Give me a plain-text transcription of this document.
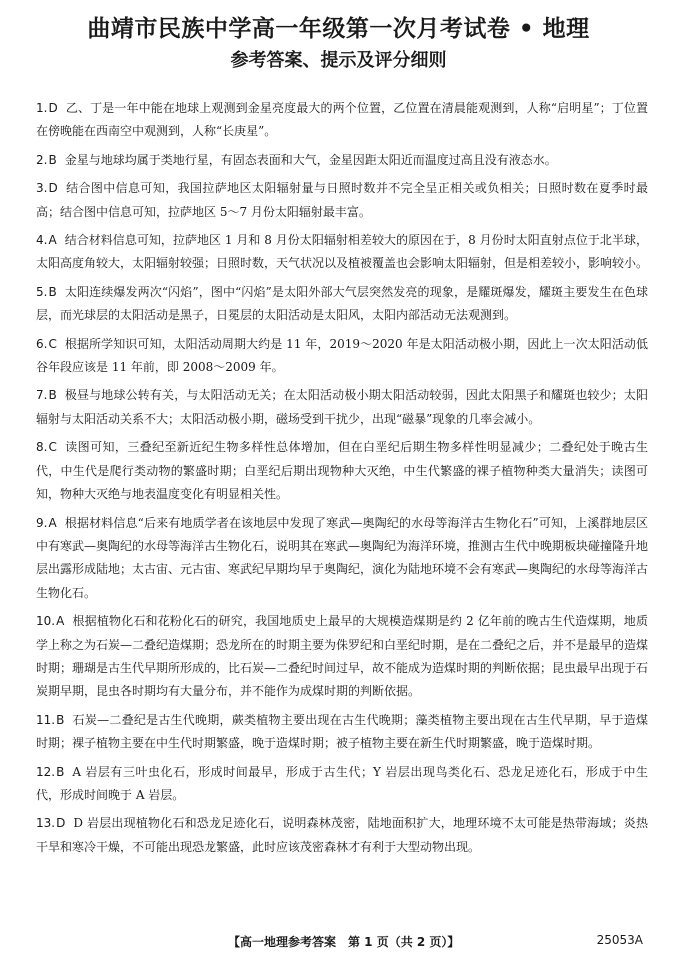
曲靖市民族中学高一年级第一次月考试卷 • 地理
参考答案、提示及评分细则
1.D 乙、丁是一年中能在地球上观测到金星亮度最大的两个位置，乙位置在清晨能观测到，人称“启明星”；丁位置在傍晚能在西南空中观测到，人称“长庚星”。
2.B 金星与地球均属于类地行星，有固态表面和大气，金星因距太阳近而温度过高且没有液态水。
3.D 结合图中信息可知，我国拉萨地区太阳辐射量与日照时数并不完全呈正相关或负相关；日照时数在夏季时最高；结合图中信息可知，拉萨地区 5～7 月份太阳辐射最丰富。
4.A 结合材料信息可知，拉萨地区 1 月和 8 月份太阳辐射相差较大的原因在于，8 月份时太阳直射点位于北半球，太阳高度角较大，太阳辐射较强；日照时数，天气状况以及植被覆盖也会影响太阳辐射，但是相差较小，影响较小。
5.B 太阳连续爆发两次“闪焰”，图中“闪焰”是太阳外部大气层突然发亮的现象，是耀斑爆发，耀斑主要发生在色球层，而光球层的太阳活动是黑子，日冕层的太阳活动是太阳风，太阳内部活动无法观测到。
6.C 根据所学知识可知，太阳活动周期大约是 11 年，2019～2020 年是太阳活动极小期，因此上一次太阳活动低谷年段应该是 11 年前，即 2008～2009 年。
7.B 极昼与地球公转有关，与太阳活动无关；在太阳活动极小期太阳活动较弱，因此太阳黑子和耀斑也较少；太阳辐射与太阳活动关系不大；太阳活动极小期，磁场受到干扰少，出现“磁暴”现象的几率会减小。
8.C 读图可知，三叠纪至新近纪生物多样性总体增加，但在白垩纪后期生物多样性明显减少；二叠纪处于晚古生代，中生代是爬行类动物的繁盛时期；白垩纪后期出现物种大灭绝，中生代繁盛的裸子植物种类大量消失；读图可知，物种大灭绝与地表温度变化有明显相关性。
9.A 根据材料信息“后来有地质学者在该地层中发现了寒武—奥陶纪的水母等海洋古生物化石”可知，上溪群地层区中有寒武—奥陶纪的水母等海洋古生物化石，说明其在寒武—奥陶纪为海洋环境，推测古生代中晚期板块碰撞隆升地层出露形成陆地；太古宙、元古宙、寒武纪早期均早于奥陶纪，演化为陆地环境不会有寒武—奥陶纪的水母等海洋古生物化石。
10.A 根据植物化石和花粉化石的研究，我国地质史上最早的大规模造煤期是约 2 亿年前的晚古生代造煤期，地质学上称之为石炭—二叠纪造煤期；恐龙所在的时期主要为侏罗纪和白垩纪时期，是在二叠纪之后，并不是最早的造煤时期；珊瑚是古生代早期所形成的，比石炭—二叠纪时间过早，故不能成为造煤时期的判断依据；昆虫最早出现于石炭期早期，昆虫各时期均有大量分布，并不能作为成煤时期的判断依据。
11.B 石炭—二叠纪是古生代晚期，蕨类植物主要出现在古生代晚期；藻类植物主要出现在古生代早期，早于造煤时期；裸子植物主要在中生代时期繁盛，晚于造煤时期；被子植物主要在新生代时期繁盛，晚于造煤时期。
12.B A 岩层有三叶虫化石，形成时间最早，形成于古生代；Y 岩层出现鸟类化石、恐龙足迹化石，形成于中生代，形成时间晚于 A 岩层。
13.D D 岩层出现植物化石和恐龙足迹化石，说明森林茂密，陆地面积扩大，地理环境不太可能是热带海域；炎热干旱和寒冷干燥，不可能出现恐龙繁盛，此时应该茂密森林才有利于大型动物出现。
【高一地理参考答案　第 1 页（共 2 页）】	25053A
